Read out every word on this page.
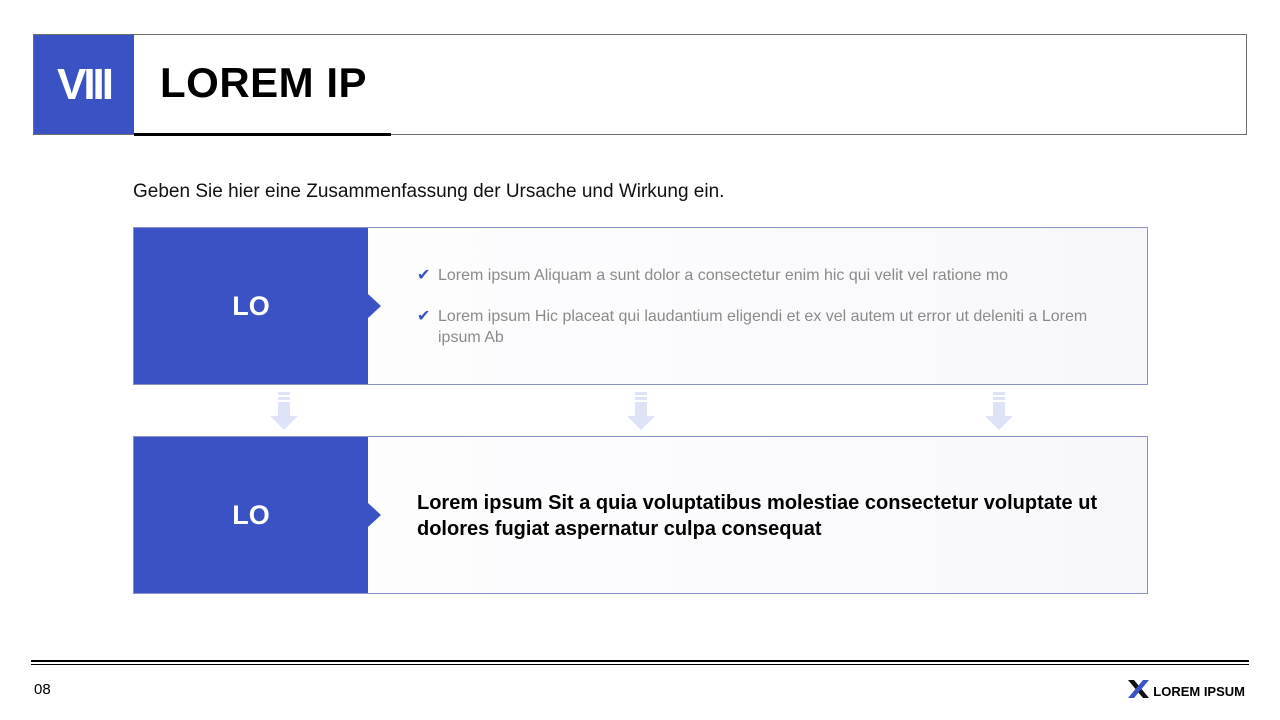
VIII	LOREM IP
Geben Sie hier eine Zusammenfassung der Ursache und Wirkung ein.
LO
✔ Lorem ipsum Aliquam a sunt dolor a consectetur enim hic qui velit vel ratione mo
✔ Lorem ipsum Hic placeat qui laudantium eligendi et ex vel autem ut error ut deleniti a Lorem ipsum Ab
LO	Lorem ipsum Sit a quia voluptatibus molestiae consectetur voluptate ut dolores fugiat aspernatur culpa consequat
08	LOREM IPSUM
